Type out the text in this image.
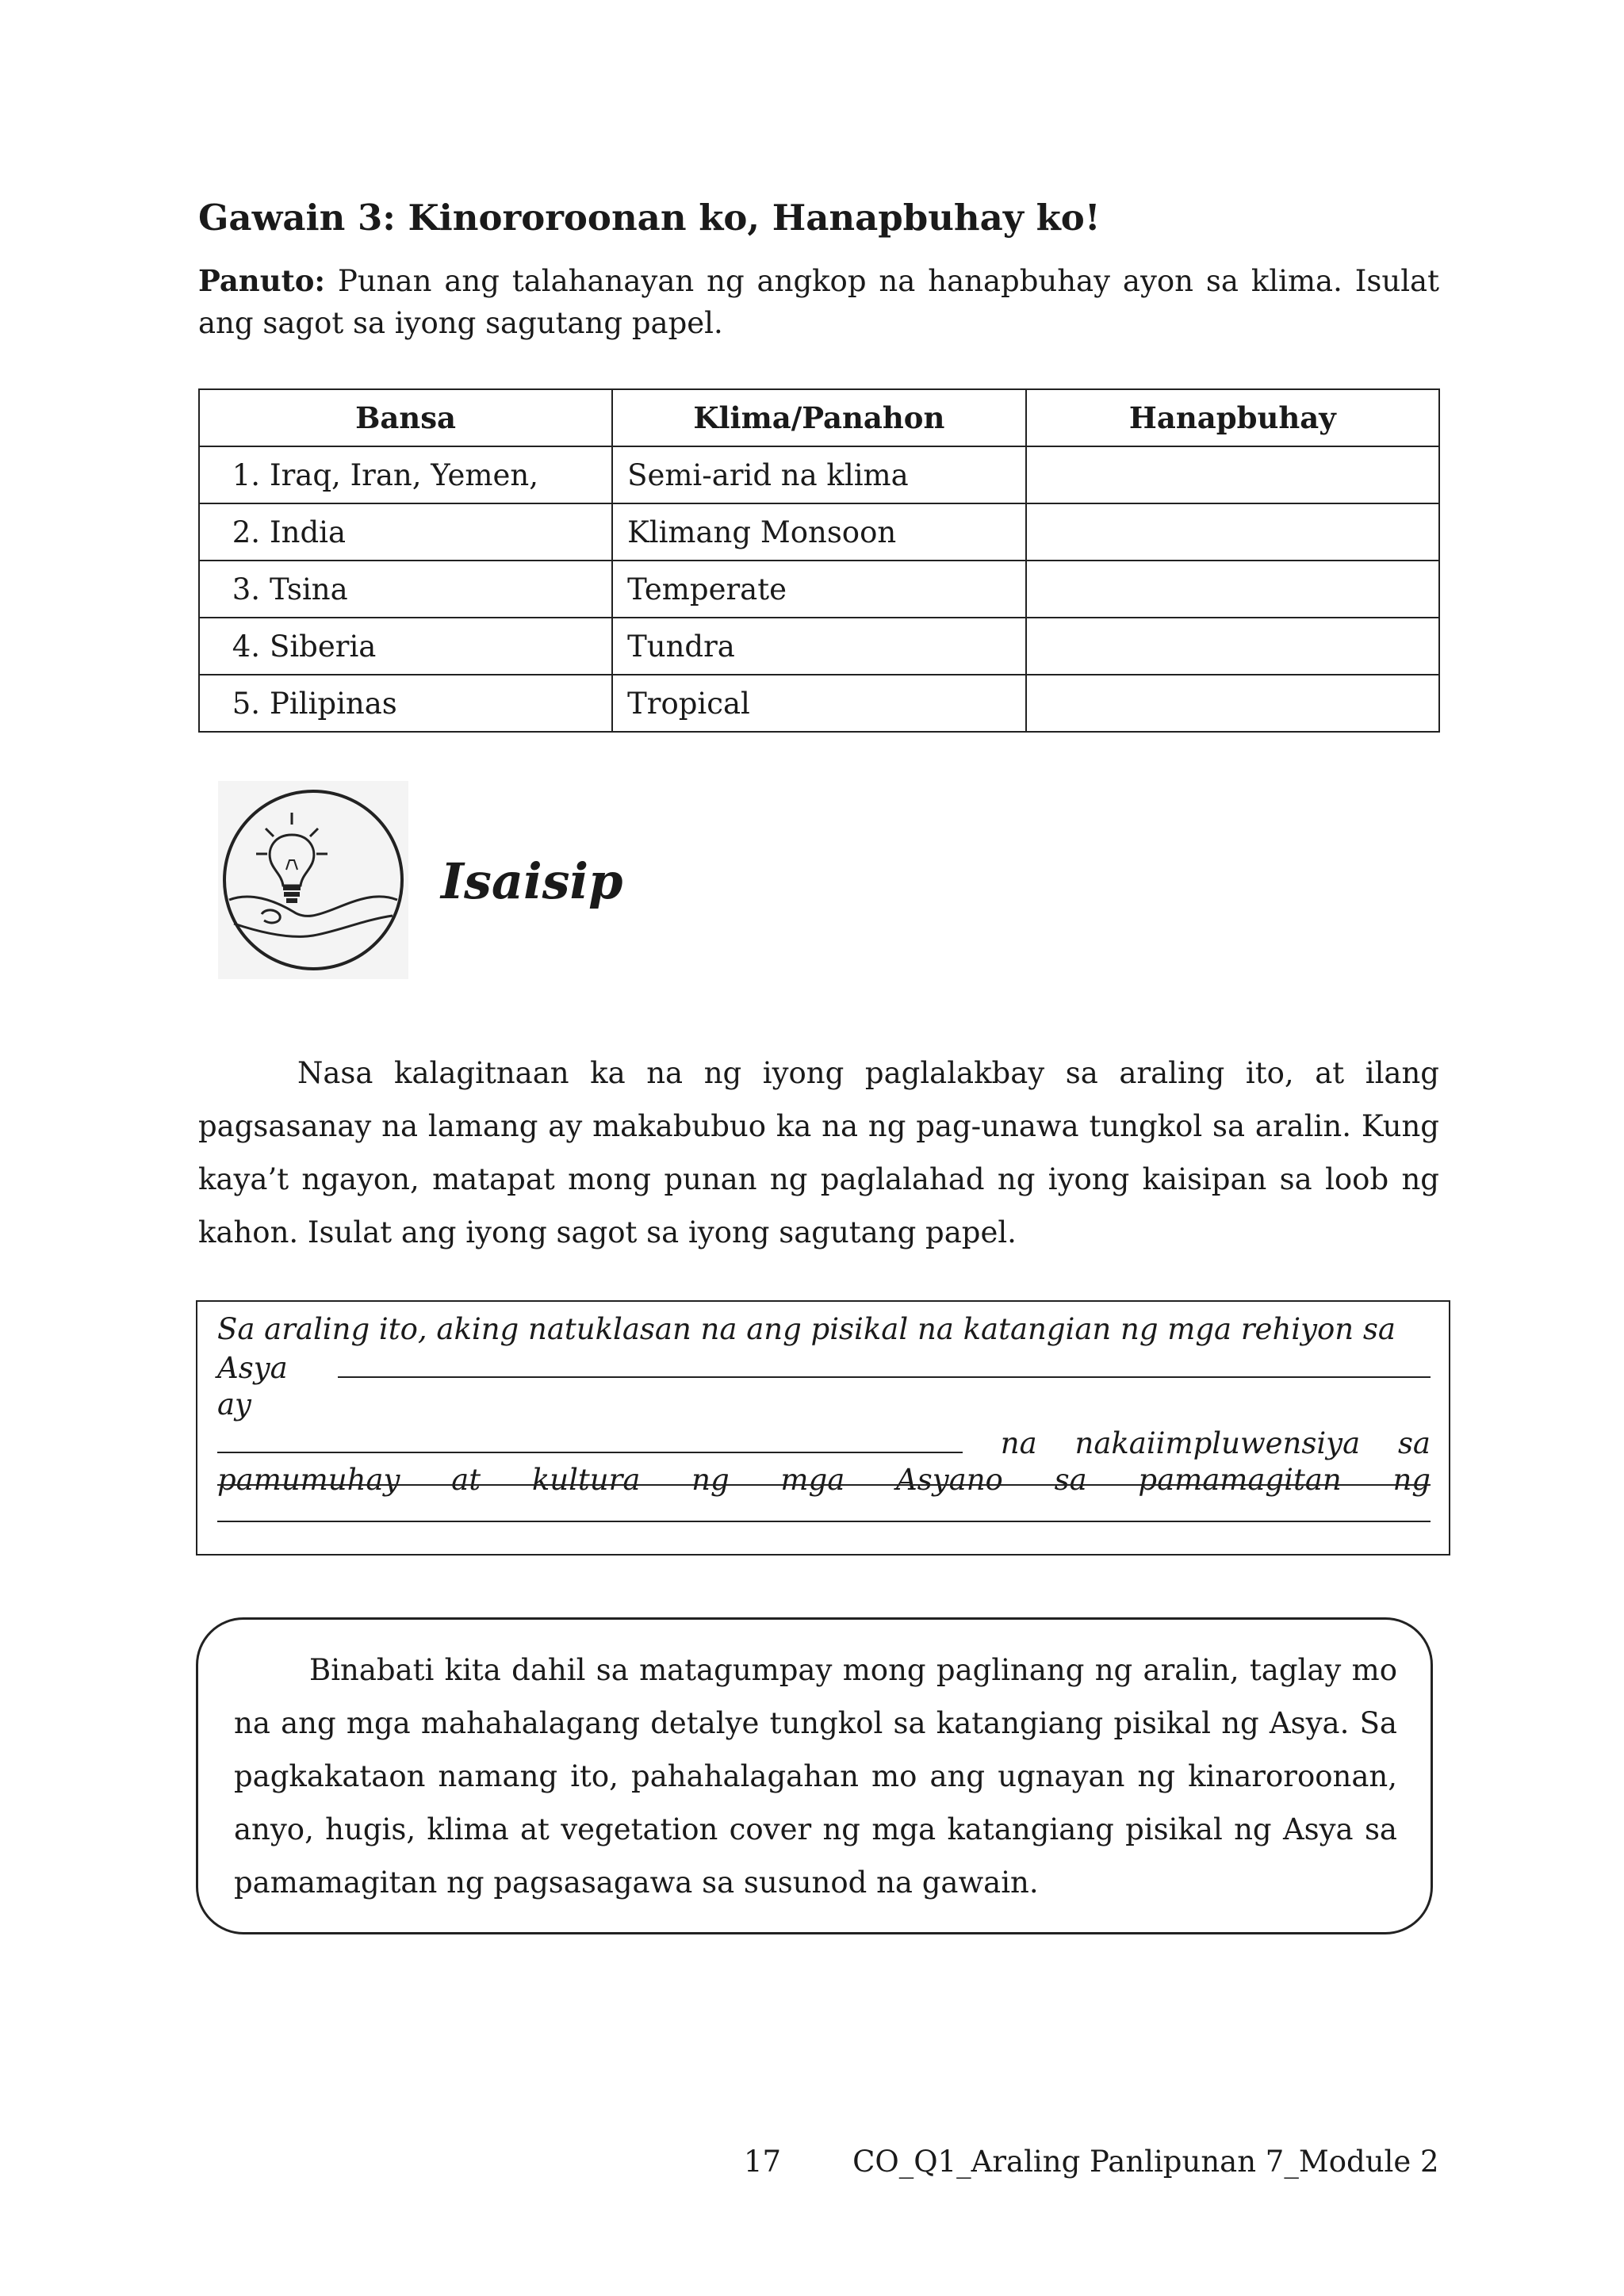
Gawain 3: Kinororoonan ko, Hanapbuhay ko!

Panuto: Punan ang talahanayan ng angkop na hanapbuhay ayon sa klima. Isulat ang sagot sa iyong sagutang papel.

Bansa	Klima/Panahon	Hanapbuhay
1. Iraq, Iran, Yemen,	Semi-arid na klima	
2. India	Klimang Monsoon	
3. Tsina	Temperate	
4. Siberia	Tundra	
5. Pilipinas	Tropical	
Isaisip

Nasa kalagitnaan ka na ng iyong paglalakbay sa araling ito, at ilang pagsasanay na lamang ay makabubuo ka na ng pag-unawa tungkol sa aralin. Kung kaya’t ngayon, matapat mong punan ng paglalahad ng iyong kaisipan sa loob ng kahon. Isulat ang iyong sagot sa iyong sagutang papel.

Sa araling ito, aking natuklasan na ang pisikal na katangian ng mga rehiyon sa
Asya ay
na nakaiimpluwensiya sa
pamumuhay at kultura ng mga Asyano sa pamamagitan ng

Binabati kita dahil sa matagumpay mong paglinang ng aralin, taglay mo na ang mga mahahalagang detalye tungkol sa katangiang pisikal ng Asya. Sa pagkakataon namang ito, pahahalagahan mo ang ugnayan ng kinaroroonan, anyo, hugis, klima at vegetation cover ng mga katangiang pisikal ng Asya sa pamamagitan ng pagsasagawa sa susunod na gawain.

17 CO_Q1_Araling Panlipunan 7_Module 2
